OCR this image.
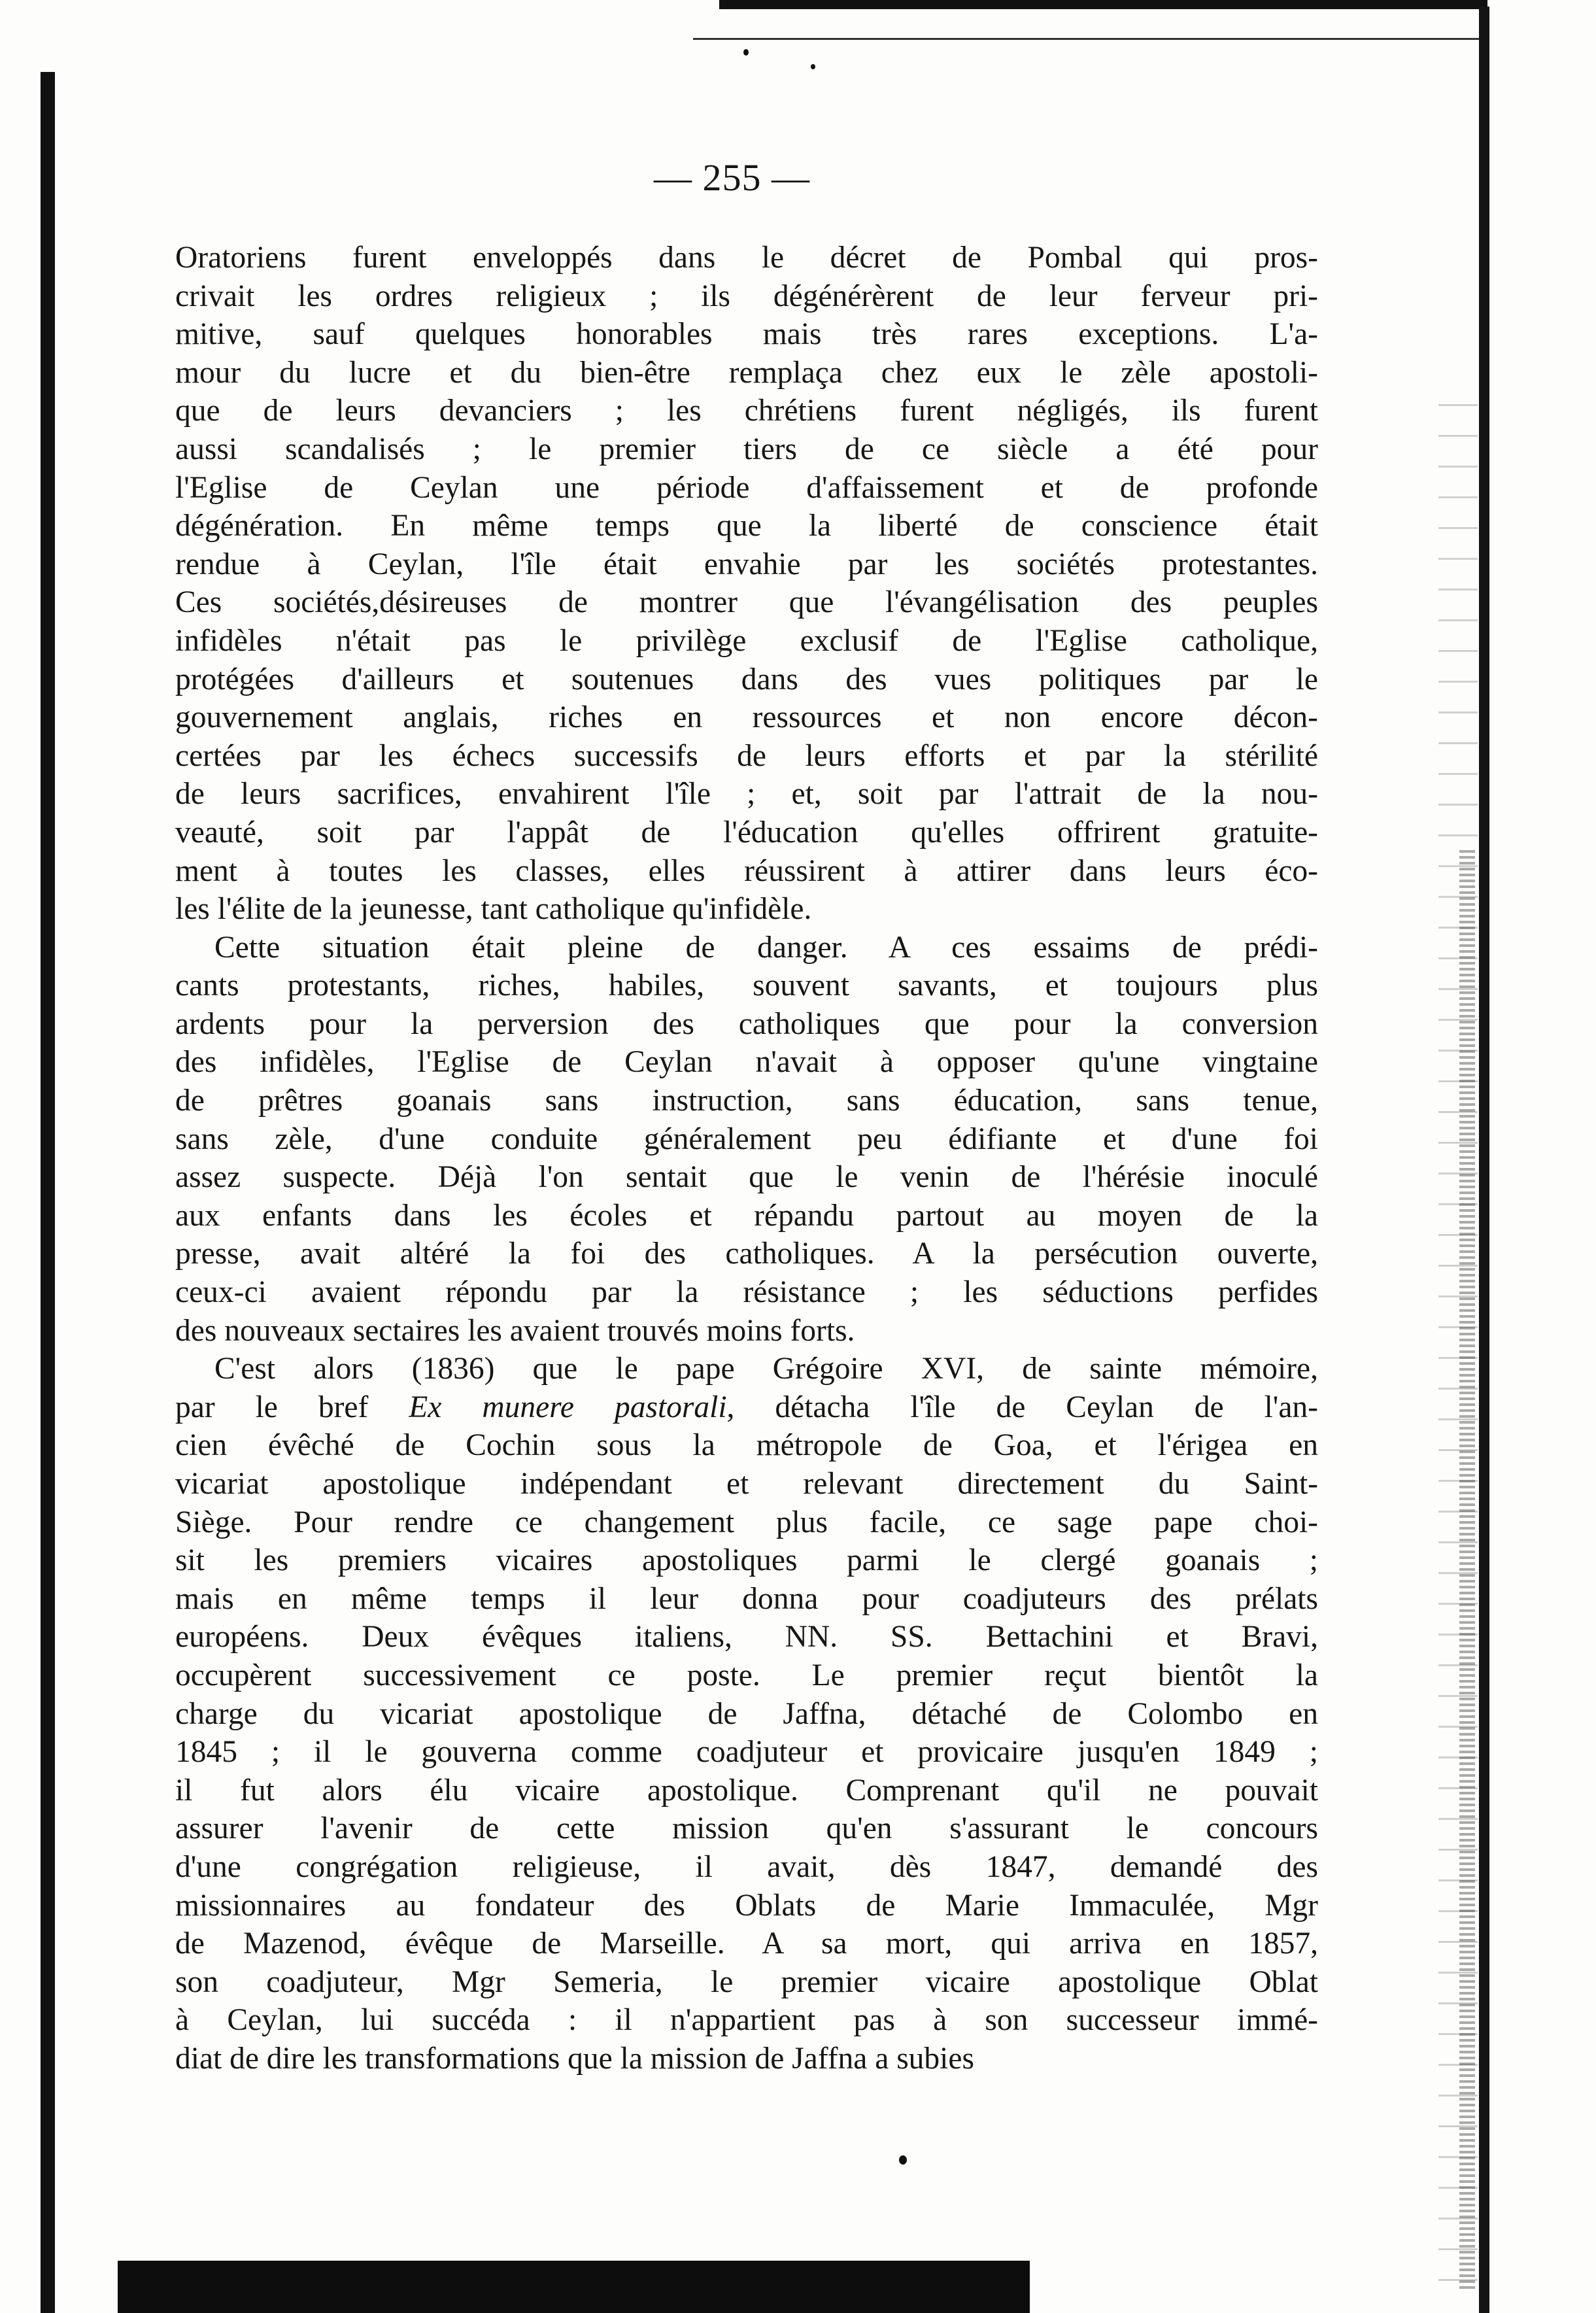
— 255 —

Oratoriens furent enveloppés dans le décret de Pombal qui pros-
crivait les ordres religieux ; ils dégénérèrent de leur ferveur pri-
mitive, sauf quelques honorables mais très rares exceptions. L'a-
mour du lucre et du bien-être remplaça chez eux le zèle apostoli-
que de leurs devanciers ; les chrétiens furent négligés, ils furent
aussi scandalisés ; le premier tiers de ce siècle a été pour
l'Eglise de Ceylan une période d'affaissement et de profonde
dégénération. En même temps que la liberté de conscience était
rendue à Ceylan, l'île était envahie par les sociétés protestantes.
Ces sociétés,désireuses de montrer que l'évangélisation des peuples
infidèles n'était pas le privilège exclusif de l'Eglise catholique,
protégées d'ailleurs et soutenues dans des vues politiques par le
gouvernement anglais, riches en ressources et non encore décon-
certées par les échecs successifs de leurs efforts et par la stérilité
de leurs sacrifices, envahirent l'île ; et, soit par l'attrait de la nou-
veauté, soit par l'appât de l'éducation qu'elles offrirent gratuite-
ment à toutes les classes, elles réussirent à attirer dans leurs éco-
les l'élite de la jeunesse, tant catholique qu'infidèle.

Cette situation était pleine de danger. A ces essaims de prédi-
cants protestants, riches, habiles, souvent savants, et toujours plus
ardents pour la perversion des catholiques que pour la conversion
des infidèles, l'Eglise de Ceylan n'avait à opposer qu'une vingtaine
de prêtres goanais sans instruction, sans éducation, sans tenue,
sans zèle, d'une conduite généralement peu édifiante et d'une foi
assez suspecte. Déjà l'on sentait que le venin de l'hérésie inoculé
aux enfants dans les écoles et répandu partout au moyen de la
presse, avait altéré la foi des catholiques. A la persécution ouverte,
ceux-ci avaient répondu par la résistance ; les séductions perfides
des nouveaux sectaires les avaient trouvés moins forts.

C'est alors (1836) que le pape Grégoire XVI, de sainte mémoire,
par le bref Ex munere pastorali, détacha l'île de Ceylan de l'an-
cien évêché de Cochin sous la métropole de Goa, et l'érigea en
vicariat apostolique indépendant et relevant directement du Saint-
Siège. Pour rendre ce changement plus facile, ce sage pape choi-
sit les premiers vicaires apostoliques parmi le clergé goanais ;
mais en même temps il leur donna pour coadjuteurs des prélats
européens. Deux évêques italiens, NN. SS. Bettachini et Bravi,
occupèrent successivement ce poste. Le premier reçut bientôt la
charge du vicariat apostolique de Jaffna, détaché de Colombo en
1845 ; il le gouverna comme coadjuteur et provicaire jusqu'en 1849 ;
il fut alors élu vicaire apostolique. Comprenant qu'il ne pouvait
assurer l'avenir de cette mission qu'en s'assurant le concours
d'une congrégation religieuse, il avait, dès 1847, demandé des
missionnaires au fondateur des Oblats de Marie Immaculée, Mgr
de Mazenod, évêque de Marseille. A sa mort, qui arriva en 1857,
son coadjuteur, Mgr Semeria, le premier vicaire apostolique Oblat
à Ceylan, lui succéda : il n'appartient pas à son successeur immé-
diat de dire les transformations que la mission de Jaffna a subies
